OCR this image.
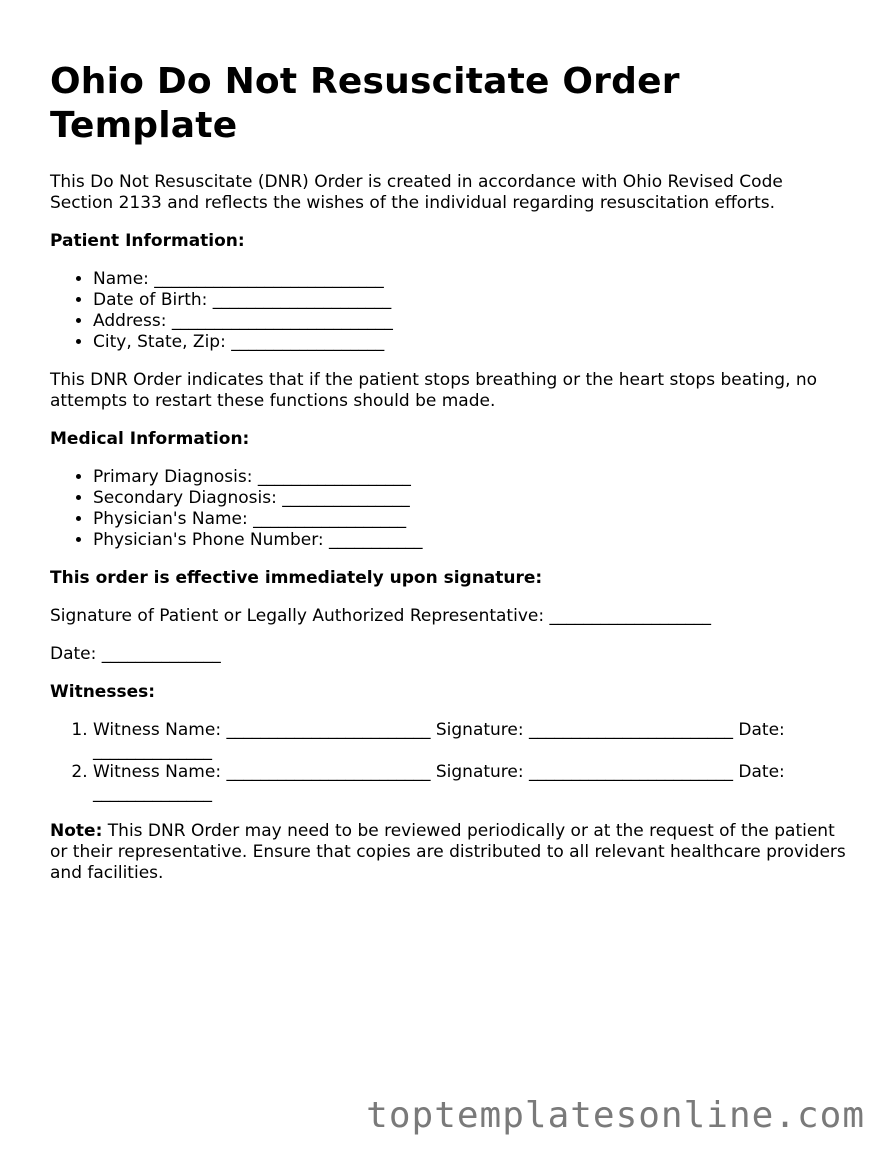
Ohio Do Not Resuscitate Order Template

This Do Not Resuscitate (DNR) Order is created in accordance with Ohio Revised Code Section 2133 and reflects the wishes of the individual regarding resuscitation efforts.

Patient Information:

• Name: ___________________________
• Date of Birth: _____________________
• Address: __________________________
• City, State, Zip: __________________

This DNR Order indicates that if the patient stops breathing or the heart stops beating, no attempts to restart these functions should be made.

Medical Information:

• Primary Diagnosis: __________________
• Secondary Diagnosis: _______________
• Physician's Name: __________________
• Physician's Phone Number: ___________

This order is effective immediately upon signature:

Signature of Patient or Legally Authorized Representative: ___________________

Date: ______________

Witnesses:

1. Witness Name: ________________________ Signature: ________________________ Date: ______________
2. Witness Name: ________________________ Signature: ________________________ Date: ______________

Note: This DNR Order may need to be reviewed periodically or at the request of the patient or their representative. Ensure that copies are distributed to all relevant healthcare providers and facilities.

toptemplatesonline.com
